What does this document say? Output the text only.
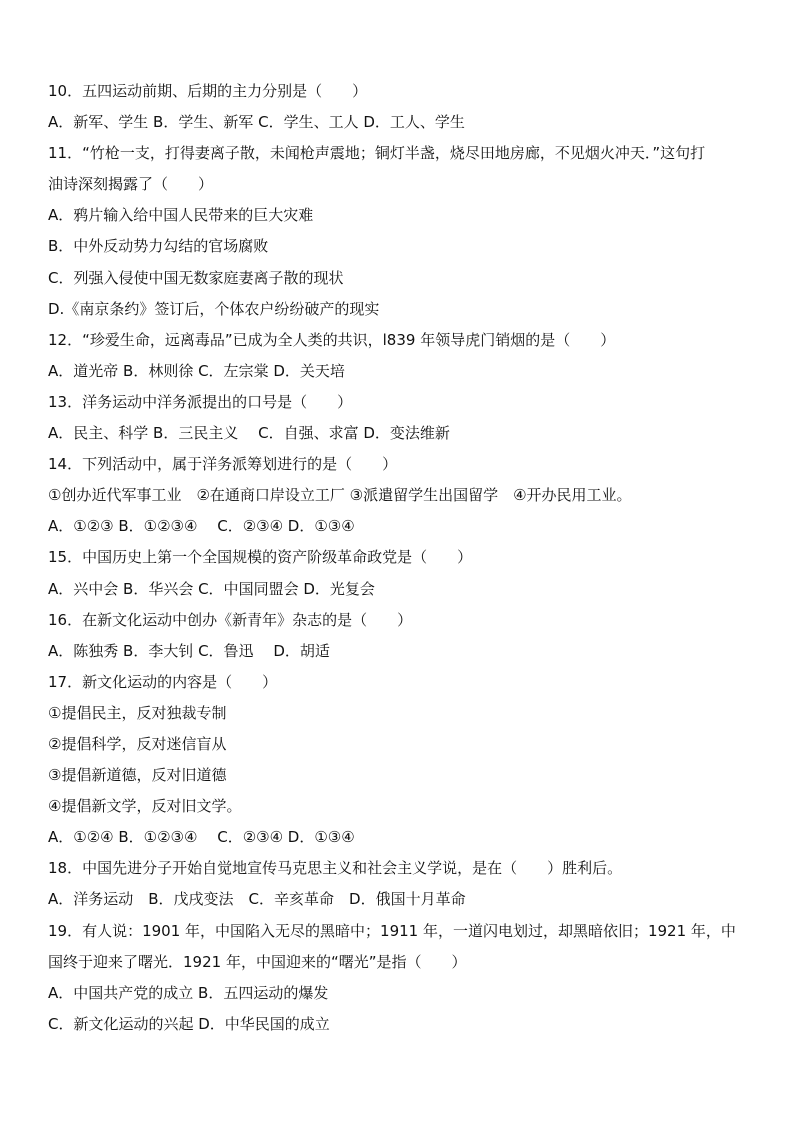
10．五四运动前期、后期的主力分别是（　　）

A．新军、学生 B．学生、新军 C．学生、工人 D．工人、学生

11．“竹枪一支，打得妻离子散，未闻枪声震地；铜灯半盏，烧尽田地房廊，不见烟火冲天．”这句打

油诗深刻揭露了（　　）

A．鸦片输入给中国人民带来的巨大灾难

B．中外反动势力勾结的官场腐败

C．列强入侵使中国无数家庭妻离子散的现状

D.《南京条约》签订后，个体农户纷纷破产的现实

12．“珍爱生命，远离毒品”已成为全人类的共识，l839 年领导虎门销烟的是（　　）

A．道光帝 B．林则徐 C．左宗棠 D．关天培

13．洋务运动中洋务派提出的口号是（　　）

A．民主、科学 B．三民主义　 C．自强、求富 D．变法维新

14．下列活动中，属于洋务派筹划进行的是（　　）

①创办近代军事工业　②在通商口岸设立工厂 ③派遣留学生出国留学　④开办民用工业。

A．①②③ B．①②③④　 C．②③④ D．①③④

15．中国历史上第一个全国规模的资产阶级革命政党是（　　）

A．兴中会 B．华兴会 C．中国同盟会 D．光复会

16．在新文化运动中创办《新青年》杂志的是（　　）

A．陈独秀 B．李大钊 C．鲁迅　 D．胡适

17．新文化运动的内容是（　　）

①提倡民主，反对独裁专制

②提倡科学，反对迷信盲从

③提倡新道德，反对旧道德

④提倡新文学，反对旧文学。

A．①②④ B．①②③④　 C．②③④ D．①③④

18．中国先进分子开始自觉地宣传马克思主义和社会主义学说，是在（　　）胜利后。

A．洋务运动　B．戊戌变法　C．辛亥革命　D．俄国十月革命

19．有人说：1901 年，中国陷入无尽的黑暗中；1911 年，一道闪电划过，却黑暗依旧；1921 年，中

国终于迎来了曙光．1921 年，中国迎来的“曙光”是指（　　）

A．中国共产党的成立 B．五四运动的爆发

C．新文化运动的兴起 D．中华民国的成立
